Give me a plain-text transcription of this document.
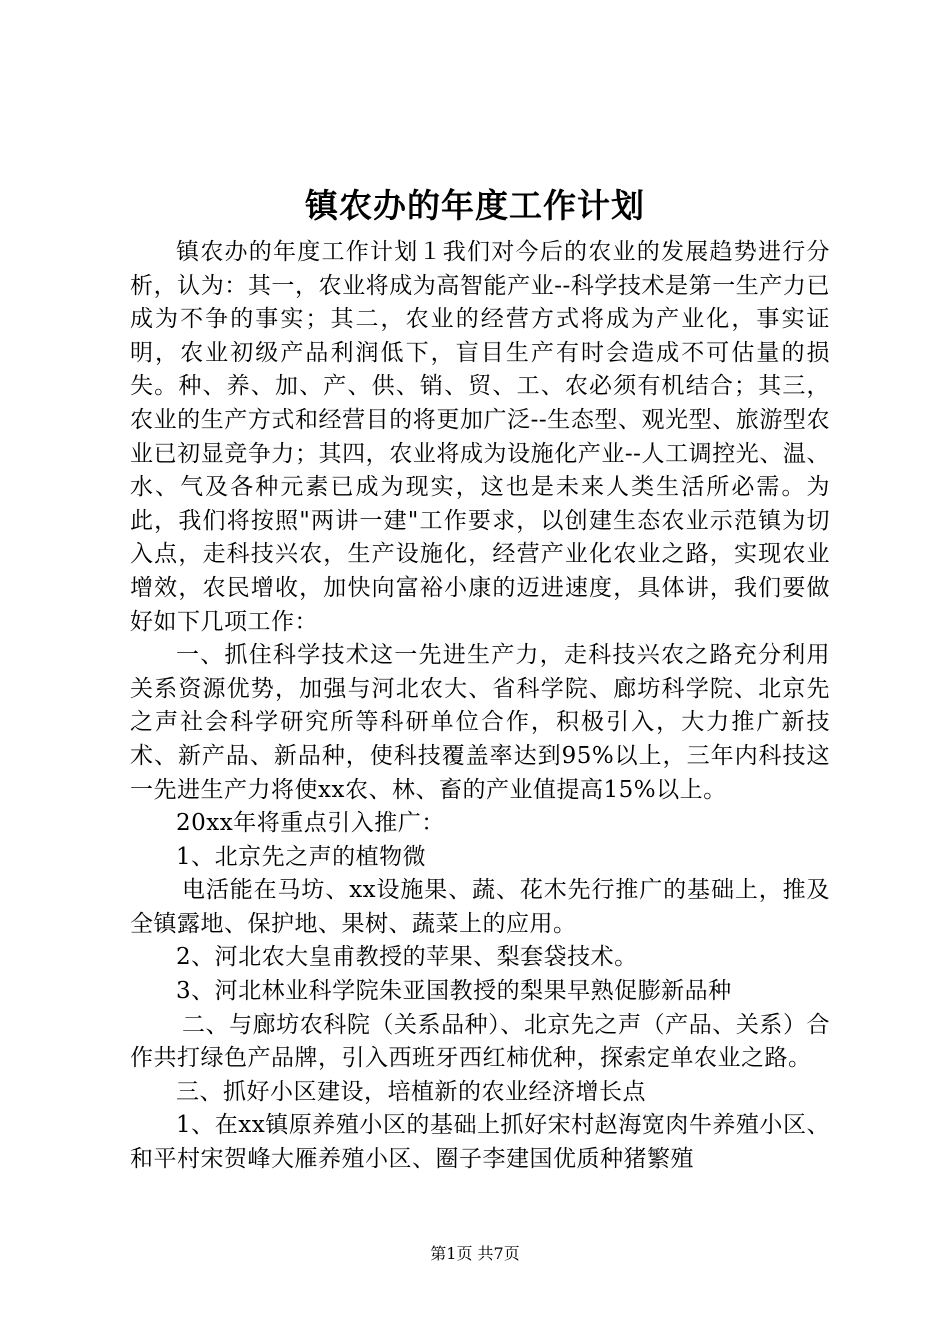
镇农办的年度工作计划

镇农办的年度工作计划１我们对今后的农业的发展趋势进行分析，认为：其一，农业将成为高智能产业--科学技术是第一生产力已成为不争的事实；其二，农业的经营方式将成为产业化，事实证明，农业初级产品利润低下，盲目生产有时会造成不可估量的损失。种、养、加、产、供、销、贸、工、农必须有机结合；其三，农业的生产方式和经营目的将更加广泛--生态型、观光型、旅游型农业已初显竞争力；其四，农业将成为设施化产业--人工调控光、温、水、气及各种元素已成为现实，这也是未来人类生活所必需。为此，我们将按照"两讲一建"工作要求，以创建生态农业示范镇为切入点，走科技兴农，生产设施化，经营产业化农业之路，实现农业增效，农民增收，加快向富裕小康的迈进速度，具体讲，我们要做好如下几项工作：

一、抓住科学技术这一先进生产力，走科技兴农之路充分利用关系资源优势，加强与河北农大、省科学院、廊坊科学院、北京先之声社会科学研究所等科研单位合作，积极引入，大力推广新技术、新产品、新品种，使科技覆盖率达到95%以上，三年内科技这一先进生产力将使xx农、林、畜的产业值提高15%以上。

20xx年将重点引入推广：

1、北京先之声的植物微

电活能在马坊、xx设施果、蔬、花木先行推广的基础上，推及全镇露地、保护地、果树、蔬菜上的应用。

2、河北农大皇甫教授的苹果、梨套袋技术。

3、河北林业科学院朱亚国教授的梨果早熟促膨新品种

二、与廊坊农科院（关系品种）、北京先之声（产品、关系）合作共打绿色产品牌，引入西班牙西红柿优种，探索定单农业之路。

三、抓好小区建设，培植新的农业经济增长点

1、在xx镇原养殖小区的基础上抓好宋村赵海宽肉牛养殖小区、和平村宋贺峰大雁养殖小区、圈子李建国优质种猪繁殖

第1页 共7页
